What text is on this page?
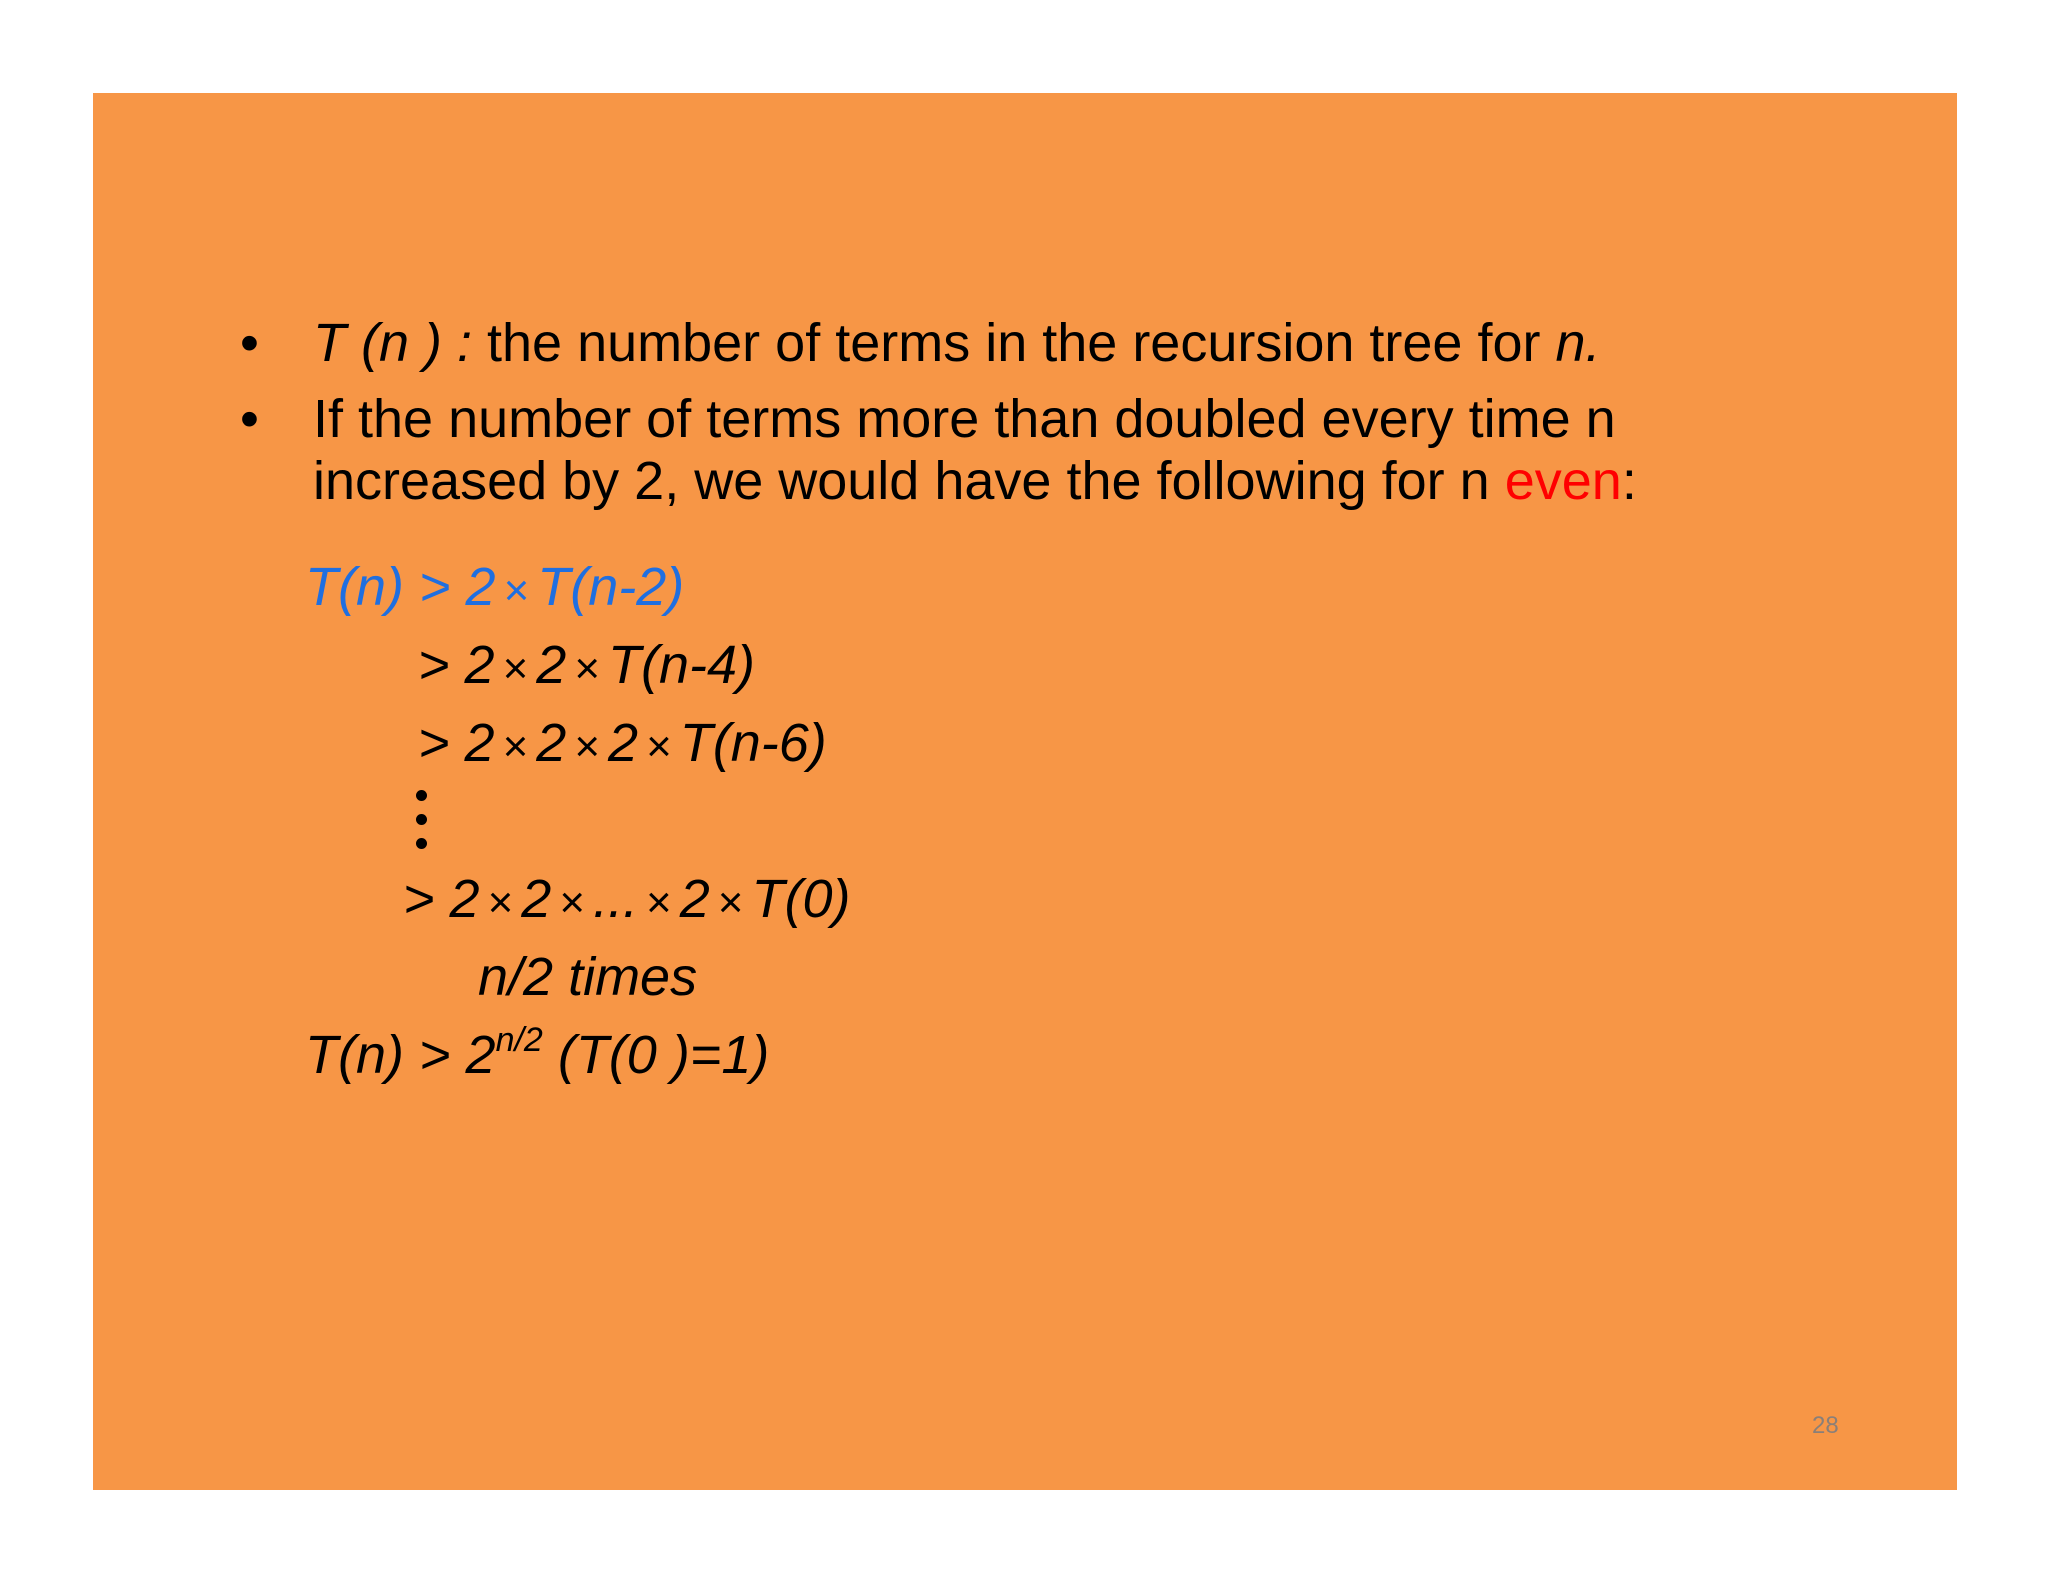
•	T (n ) : the number of terms in the recursion tree for n.
•	If the number of terms more than doubled every time n
increased by 2, we would have the following for n even:
T(n) > 2 × T(n-2)
> 2 × 2 × T(n-4)
> 2 × 2 × 2 × T(n-6)
> 2 × 2 × ... × 2 × T(0)
n/2 times
$T(n) > 2^{n/2}$ (T(0 )=1)
28
